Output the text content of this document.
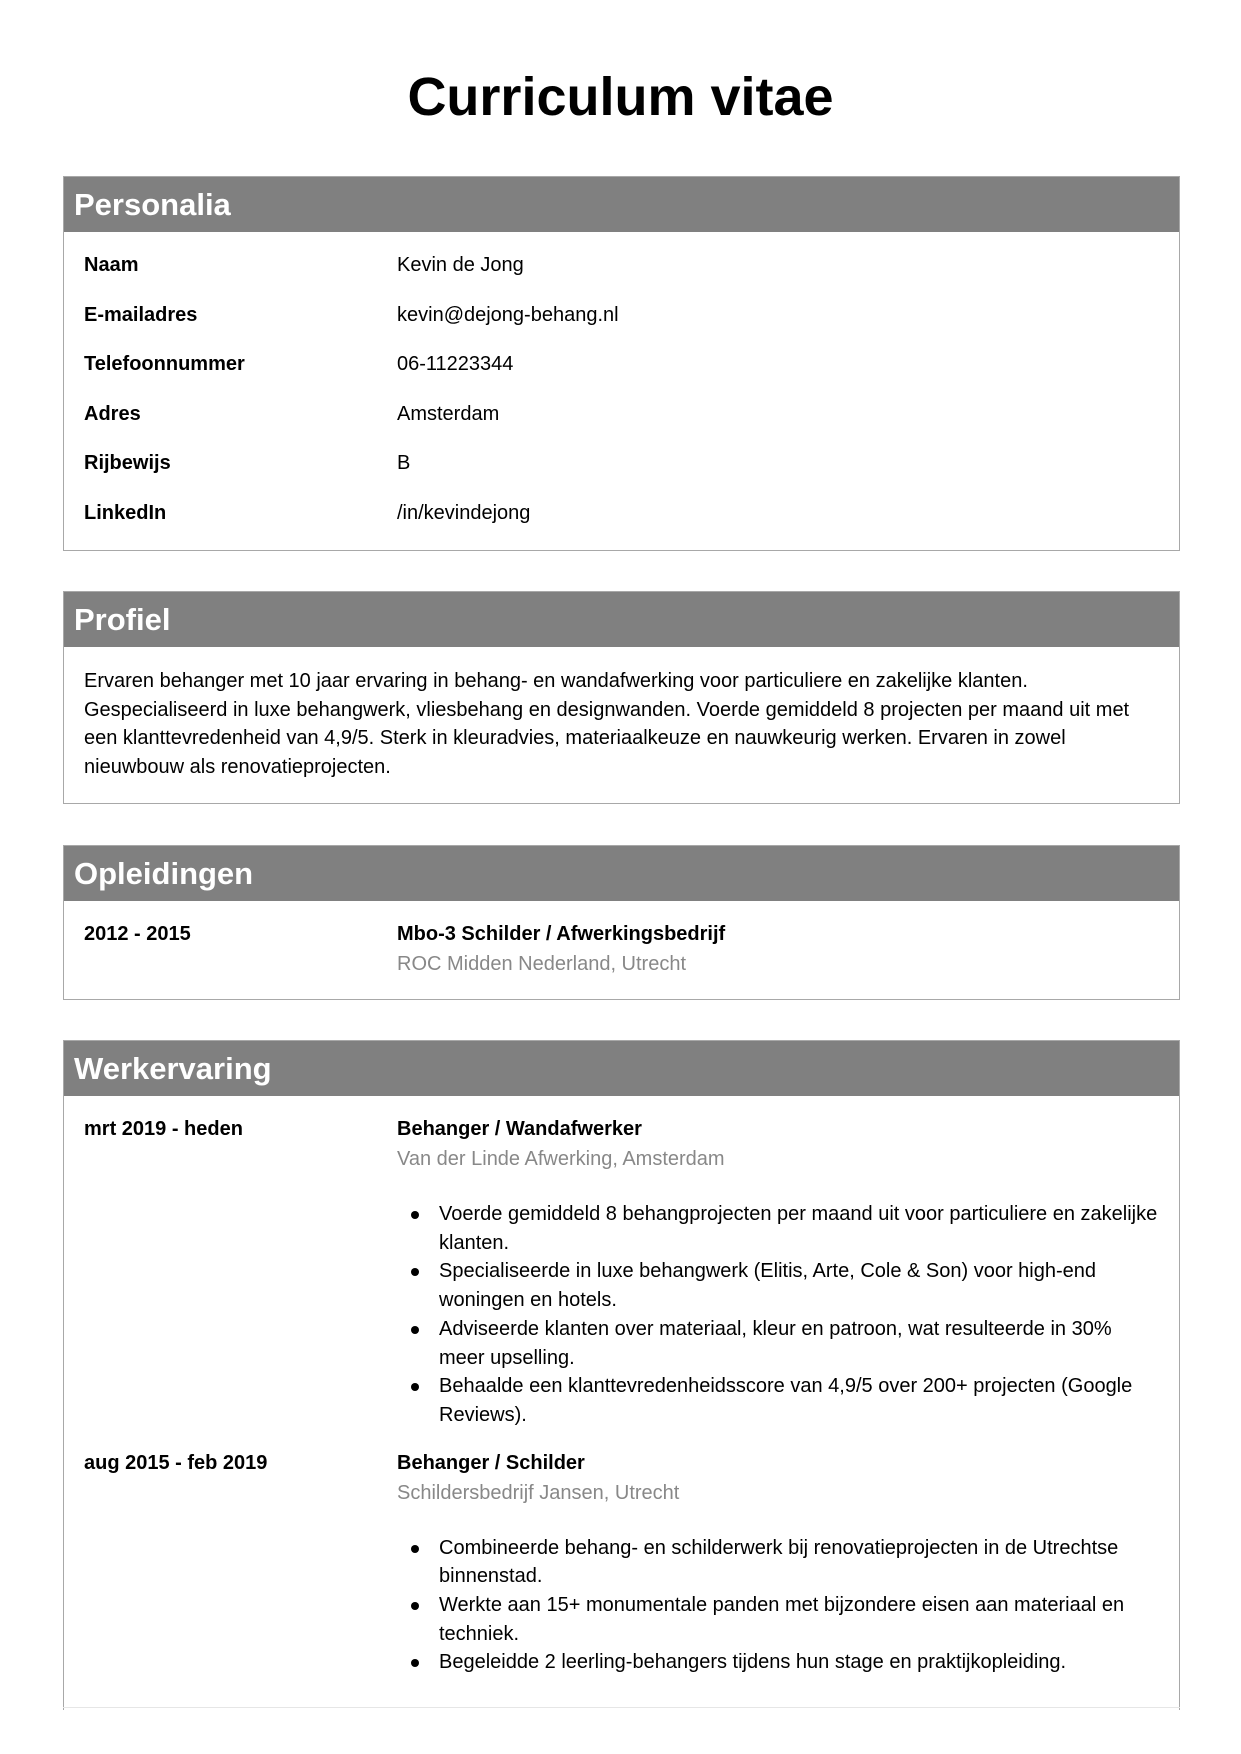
Curriculum vitae
Personalia
Naam	Kevin de Jong
E-mailadres	kevin@dejong-behang.nl
Telefoonnummer	06-11223344
Adres	Amsterdam
Rijbewijs	B
LinkedIn	/in/kevindejong
Profiel

Ervaren behanger met 10 jaar ervaring in behang- en wandafwerking voor particuliere en zakelijke klanten. Gespecialiseerd in luxe behangwerk, vliesbehang en designwanden. Voerde gemiddeld 8 projecten per maand uit met een klanttevredenheid van 4,9/5. Sterk in kleuradvies, materiaalkeuze en nauwkeurig werken. Ervaren in zowel nieuwbouw als renovatieprojecten.

Opleidingen
2012 - 2015	Mbo-3 Schilder / Afwerkingsbedrijf
ROC Midden Nederland, Utrecht
Werkervaring
mrt 2019 - heden	Behanger / Wandafwerker
Van der Linde Afwerking, Amsterdam
Voerde gemiddeld 8 behangprojecten per maand uit voor particuliere en zakelijke klanten.
Specialiseerde in luxe behangwerk (Elitis, Arte, Cole & Son) voor high-end woningen en hotels.
Adviseerde klanten over materiaal, kleur en patroon, wat resulteerde in 30% meer upselling.
Behaalde een klanttevredenheidsscore van 4,9/5 over 200+ projecten (Google Reviews).
aug 2015 - feb 2019	Behanger / Schilder
Schildersbedrijf Jansen, Utrecht
Combineerde behang- en schilderwerk bij renovatieprojecten in de Utrechtse binnenstad.
Werkte aan 15+ monumentale panden met bijzondere eisen aan materiaal en techniek.
Begeleidde 2 leerling-behangers tijdens hun stage en praktijkopleiding.
